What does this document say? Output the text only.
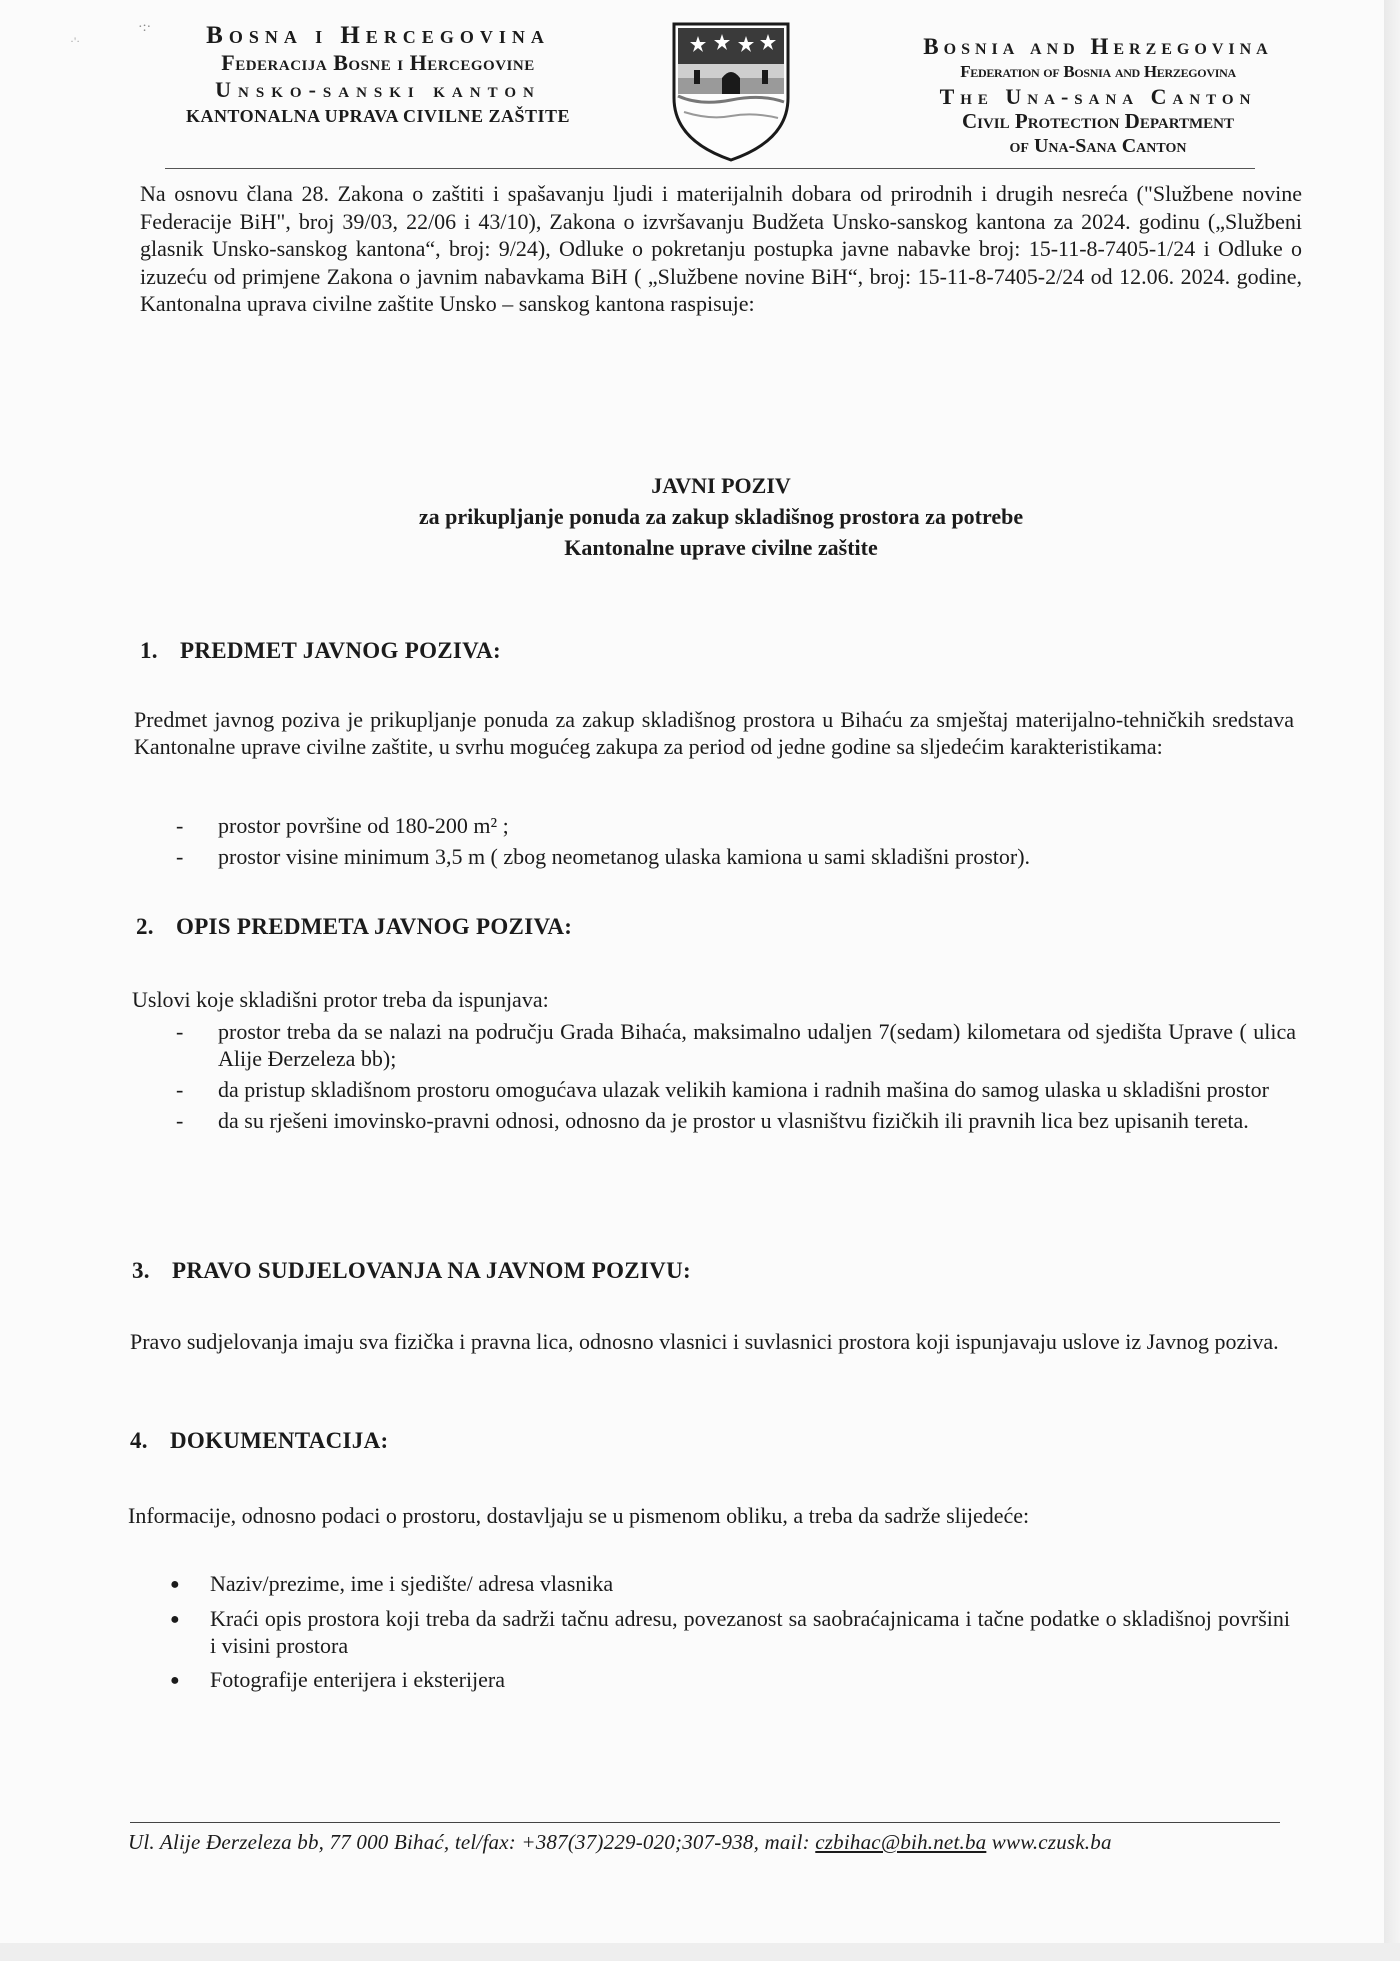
·:·
·'·	Bosna i Hercegovina
Federacija Bosne i Hercegovine
Unsko-sanski kanton
KANTONALNA UPRAVA CIVILNE ZAŠTITE
Bosnia and Herzegovina
Federation of Bosnia and Herzegovina
The Una-sana Canton
Civil Protection Department
of Una-Sana Canton
Na osnovu člana 28. Zakona o zaštiti i spašavanju ljudi i materijalnih dobara od prirodnih i drugih nesreća ("Službene novine Federacije BiH", broj 39/03, 22/06 i 43/10), Zakona o izvršavanju Budžeta Unsko-sanskog kantona za 2024. godinu („Službeni glasnik Unsko-sanskog kantona“, broj: 9/24), Odluke o pokretanju postupka javne nabavke broj: 15-11-8-7405-1/24 i Odluke o izuzeću od primjene Zakona o javnim nabavkama BiH ( „Službene novine BiH“, broj: 15-11-8-7405-2/24 od 12.06. 2024. godine, Kantonalna uprava civilne zaštite Unsko – sanskog kantona raspisuje:
JAVNI POZIV
za prikupljanje ponuda za zakup skladišnog prostora za potrebe
Kantonalne uprave civilne zaštite
1. PREDMET JAVNOG POZIVA:
Predmet javnog poziva je prikupljanje ponuda za zakup skladišnog prostora u Bihaću za smještaj materijalno-tehničkih sredstava Kantonalne uprave civilne zaštite, u svrhu mogućeg zakupa za period od jedne godine sa sljedećim karakteristikama:
-	prostor površine od 180-200 m² ;
-	prostor visine minimum 3,5 m ( zbog neometanog ulaska kamiona u sami skladišni prostor).
2. OPIS PREDMETA JAVNOG POZIVA:
Uslovi koje skladišni protor treba da ispunjava:
-	prostor treba da se nalazi na području Grada Bihaća, maksimalno udaljen 7(sedam) kilometara od sjedišta Uprave ( ulica Alije Đerzeleza bb);
-	da pristup skladišnom prostoru omogućava ulazak velikih kamiona i radnih mašina do samog ulaska u skladišni prostor
-	da su rješeni imovinsko-pravni odnosi, odnosno da je prostor u vlasništvu fizičkih ili pravnih lica bez upisanih tereta.
3. PRAVO SUDJELOVANJA NA JAVNOM POZIVU:
Pravo sudjelovanja imaju sva fizička i pravna lica, odnosno vlasnici i suvlasnici prostora koji ispunjavaju uslove iz Javnog poziva.
4. DOKUMENTACIJA:
Informacije, odnosno podaci o prostoru, dostavljaju se u pismenom obliku, a treba da sadrže slijedeće:
●	Naziv/prezime, ime i sjedište/ adresa vlasnika
●	Kraći opis prostora koji treba da sadrži tačnu adresu, povezanost sa saobraćajnicama i tačne podatke o skladišnoj površini i visini prostora
●	Fotografije enterijera i eksterijera
Ul. Alije Đerzeleza bb, 77 000 Bihać, tel/fax: +387(37)229-020;307-938, mail: czbihac@bih.net.ba www.czusk.ba
